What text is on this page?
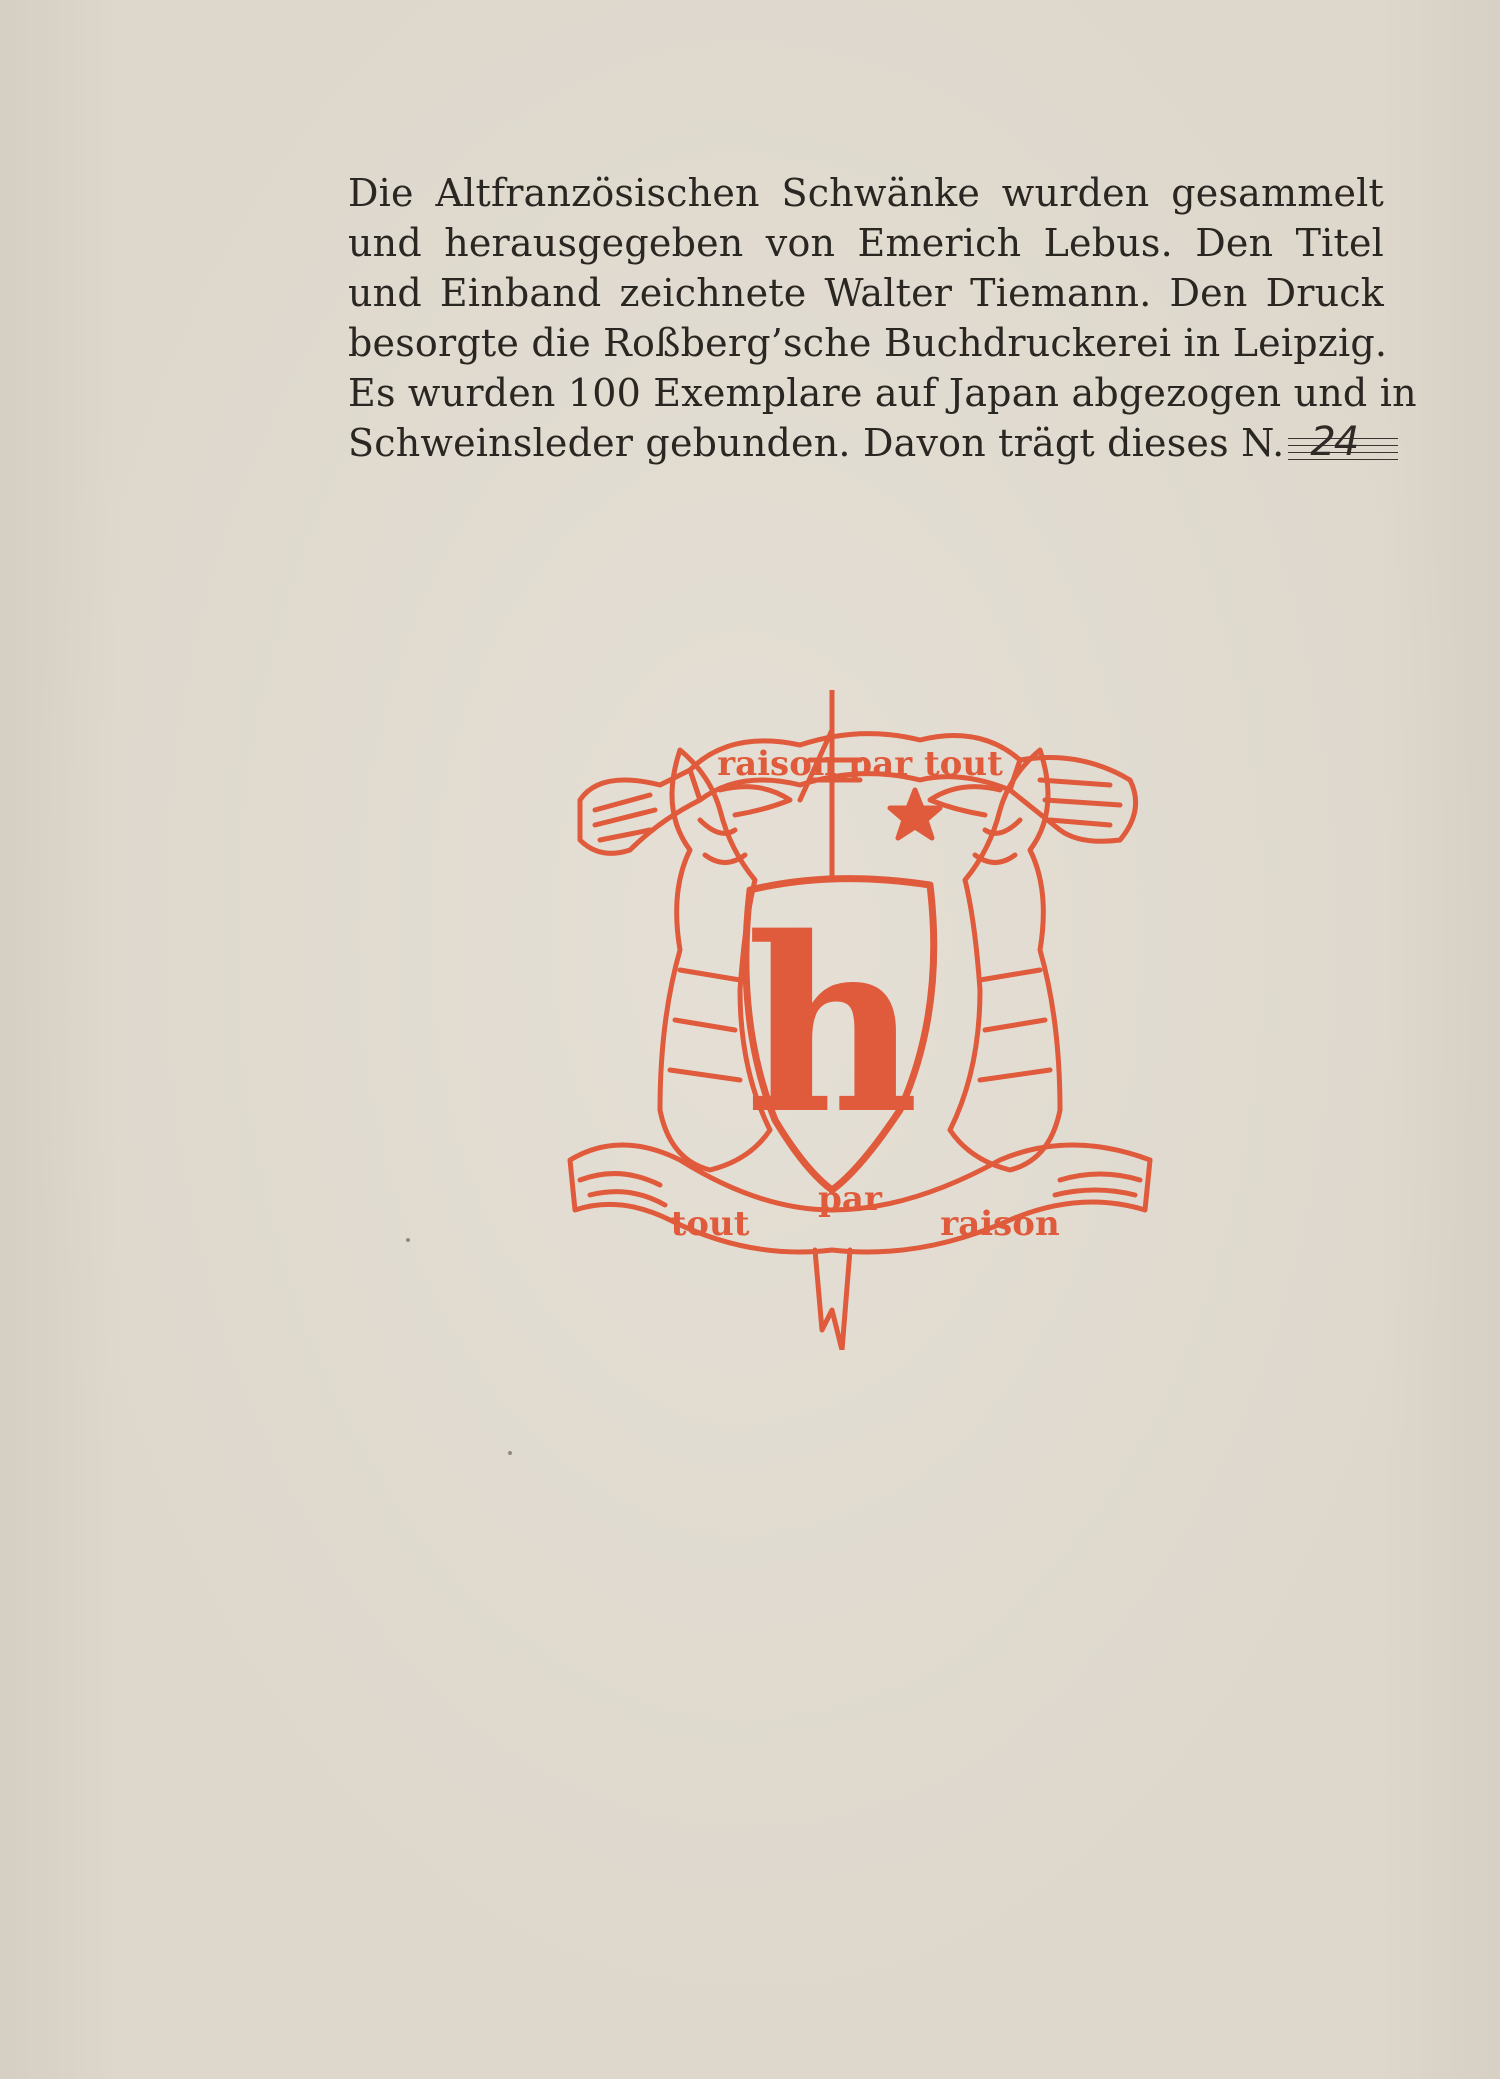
Die Altfranzösischen Schwänke wurden gesammelt
und herausgegeben von Emerich Lebus. Den Titel
und Einband zeichnete Walter Tiemann. Den Druck
besorgte die Roßberg’sche Buchdruckerei in Leipzig.
Es wurden 100 Exemplare auf Japan abgezogen und in
Schweinsleder gebunden. Davon trägt dieses N. 24
h
raison par tout
tout
par
raison
